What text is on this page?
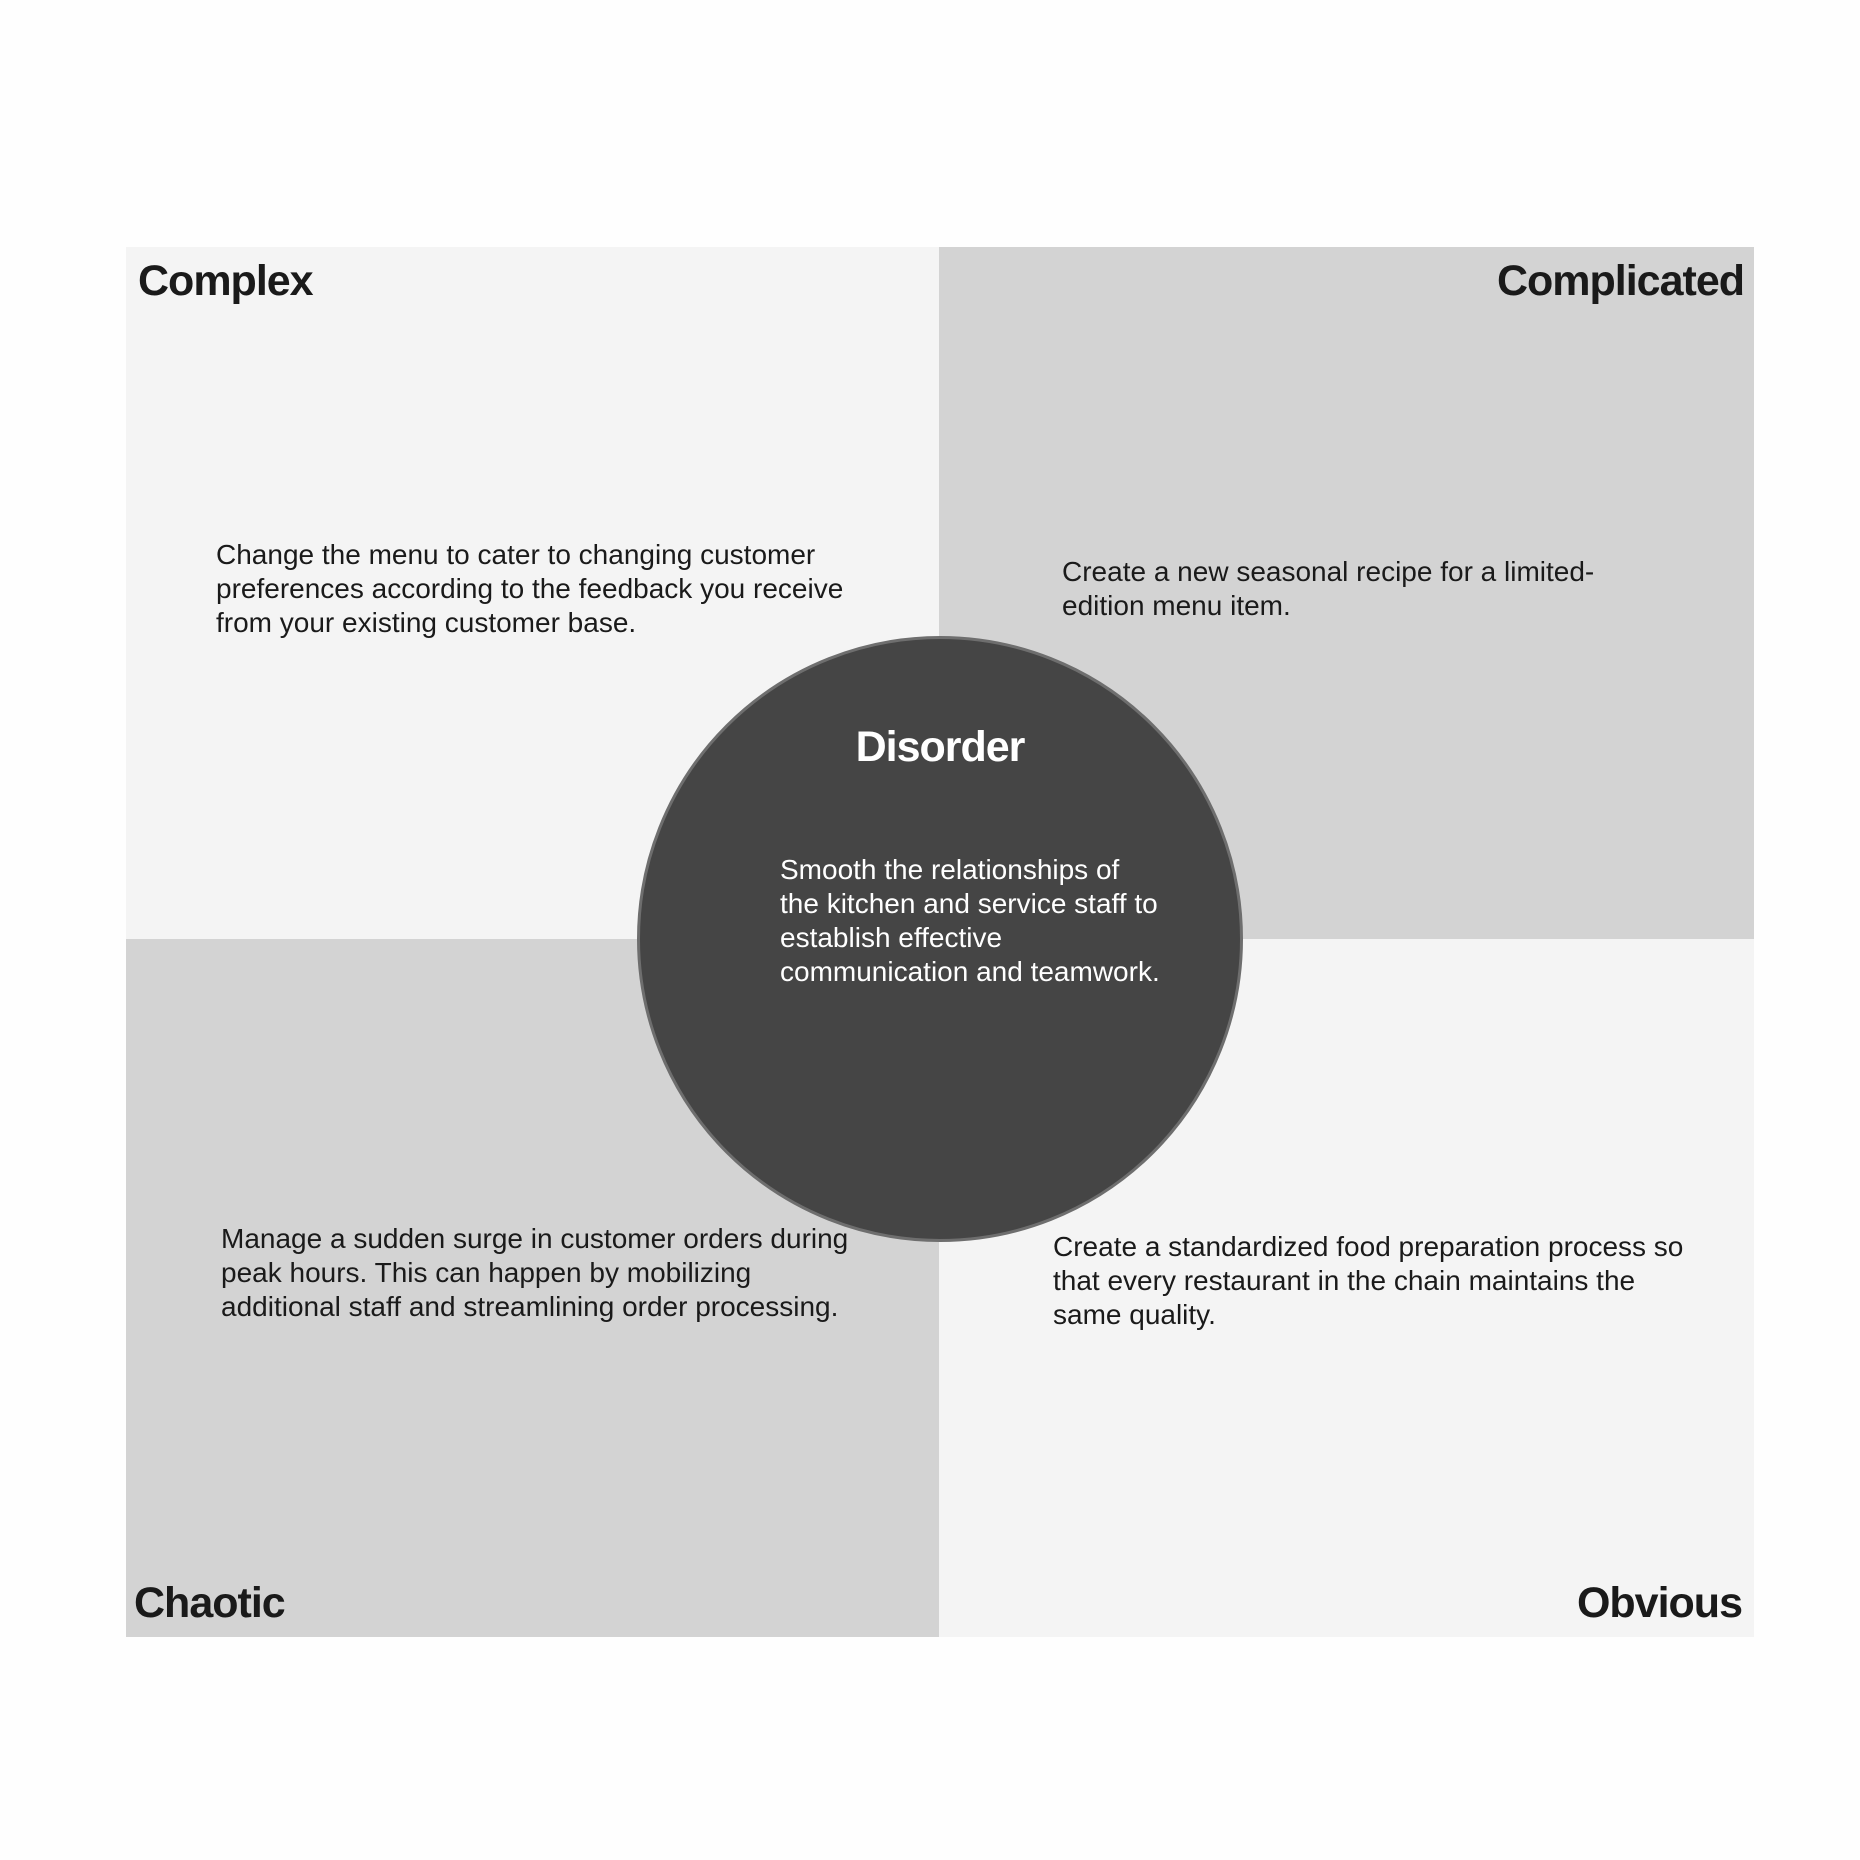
Complex

Change the menu to cater to changing customer preferences according to the feedback you receive from your existing customer base.

Complicated

Create a new seasonal recipe for a limited-edition menu item.

Chaotic

Manage a sudden surge in customer orders during peak hours. This can happen by mobilizing additional staff and streamlining order processing.

Obvious

Create a standardized food preparation process so that every restaurant in the chain maintains the same quality.

Disorder

Smooth the relationships of the kitchen and service staff to establish effective communication and teamwork.
